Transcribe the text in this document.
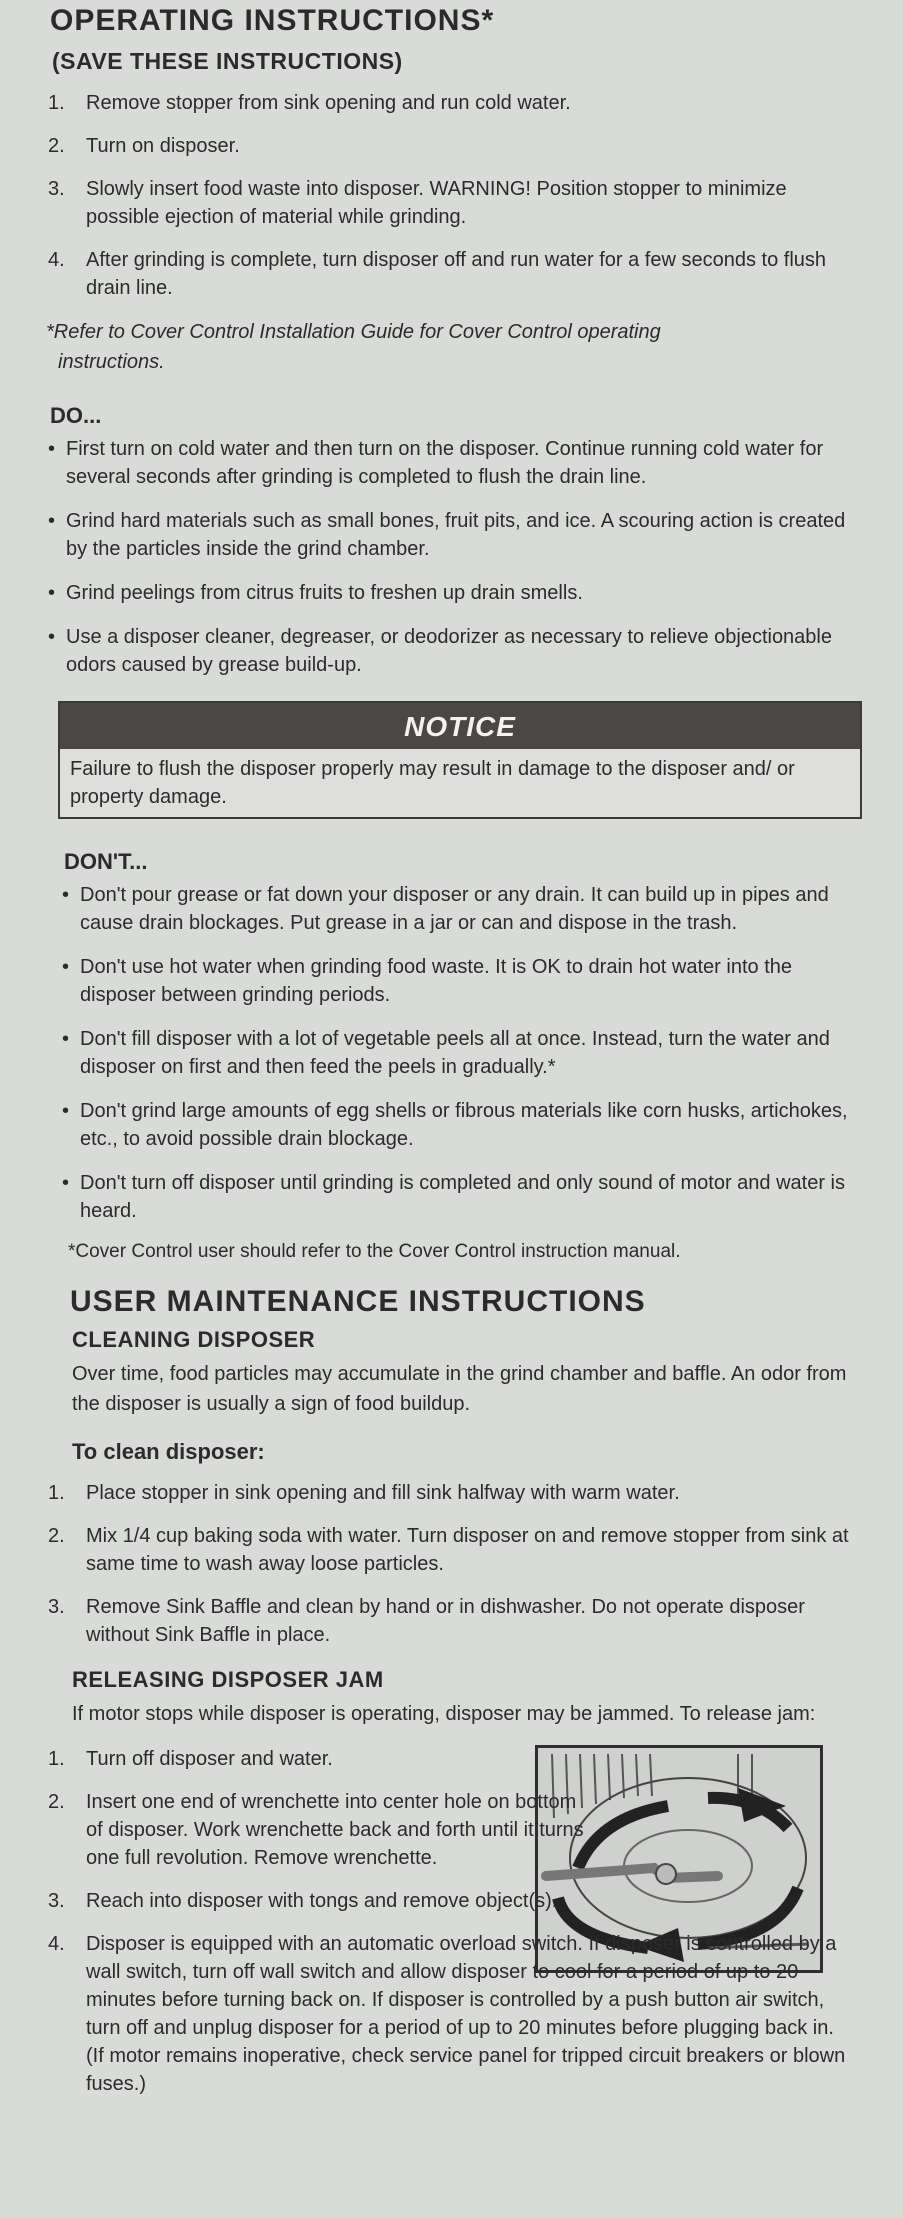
OPERATING INSTRUCTIONS*
(SAVE THESE INSTRUCTIONS)
1. Remove stopper from sink opening and run cold water.
2. Turn on disposer.
3. Slowly insert food waste into disposer. WARNING! Position stopper to minimize possible ejection of material while grinding.
4. After grinding is complete, turn disposer off and run water for a few seconds to flush drain line.
*Refer to Cover Control Installation Guide for Cover Control operating
instructions.
DO...
• First turn on cold water and then turn on the disposer. Continue running cold water for several seconds after grinding is completed to flush the drain line.
• Grind hard materials such as small bones, fruit pits, and ice. A scouring action is created by the particles inside the grind chamber.
• Grind peelings from citrus fruits to freshen up drain smells.
• Use a disposer cleaner, degreaser, or deodorizer as necessary to relieve objectionable odors caused by grease build-up.
NOTICE
Failure to flush the disposer properly may result in damage to the disposer and/ or property damage.
DON'T...
• Don't pour grease or fat down your disposer or any drain. It can build up in pipes and cause drain blockages. Put grease in a jar or can and dispose in the trash.
• Don't use hot water when grinding food waste. It is OK to drain hot water into the disposer between grinding periods.
• Don't fill disposer with a lot of vegetable peels all at once. Instead, turn the water and disposer on first and then feed the peels in gradually.*
• Don't grind large amounts of egg shells or fibrous materials like corn husks, artichokes, etc., to avoid possible drain blockage.
• Don't turn off disposer until grinding is completed and only sound of motor and water is heard.
*Cover Control user should refer to the Cover Control instruction manual.
USER MAINTENANCE INSTRUCTIONS
CLEANING DISPOSER
Over time, food particles may accumulate in the grind chamber and baffle. An odor from the disposer is usually a sign of food buildup.
To clean disposer:
1. Place stopper in sink opening and fill sink halfway with warm water.
2. Mix 1/4 cup baking soda with water. Turn disposer on and remove stopper from sink at same time to wash away loose particles.
3. Remove Sink Baffle and clean by hand or in dishwasher. Do not operate disposer without Sink Baffle in place.
RELEASING DISPOSER JAM
If motor stops while disposer is operating, disposer may be jammed. To release jam:
1. Turn off disposer and water.
2. Insert one end of wrenchette into center hole on bottom of disposer. Work wrenchette back and forth until it turns one full revolution. Remove wrenchette.
3. Reach into disposer with tongs and remove object(s).
4. Disposer is equipped with an automatic overload switch. If disposer is controlled by a wall switch, turn off wall switch and allow disposer to cool for a period of up to 20 minutes before turning back on. If disposer is controlled by a push button air switch, turn off and unplug disposer for a period of up to 20 minutes before plugging back in. (If motor remains inoperative, check service panel for tripped circuit breakers or blown fuses.)
